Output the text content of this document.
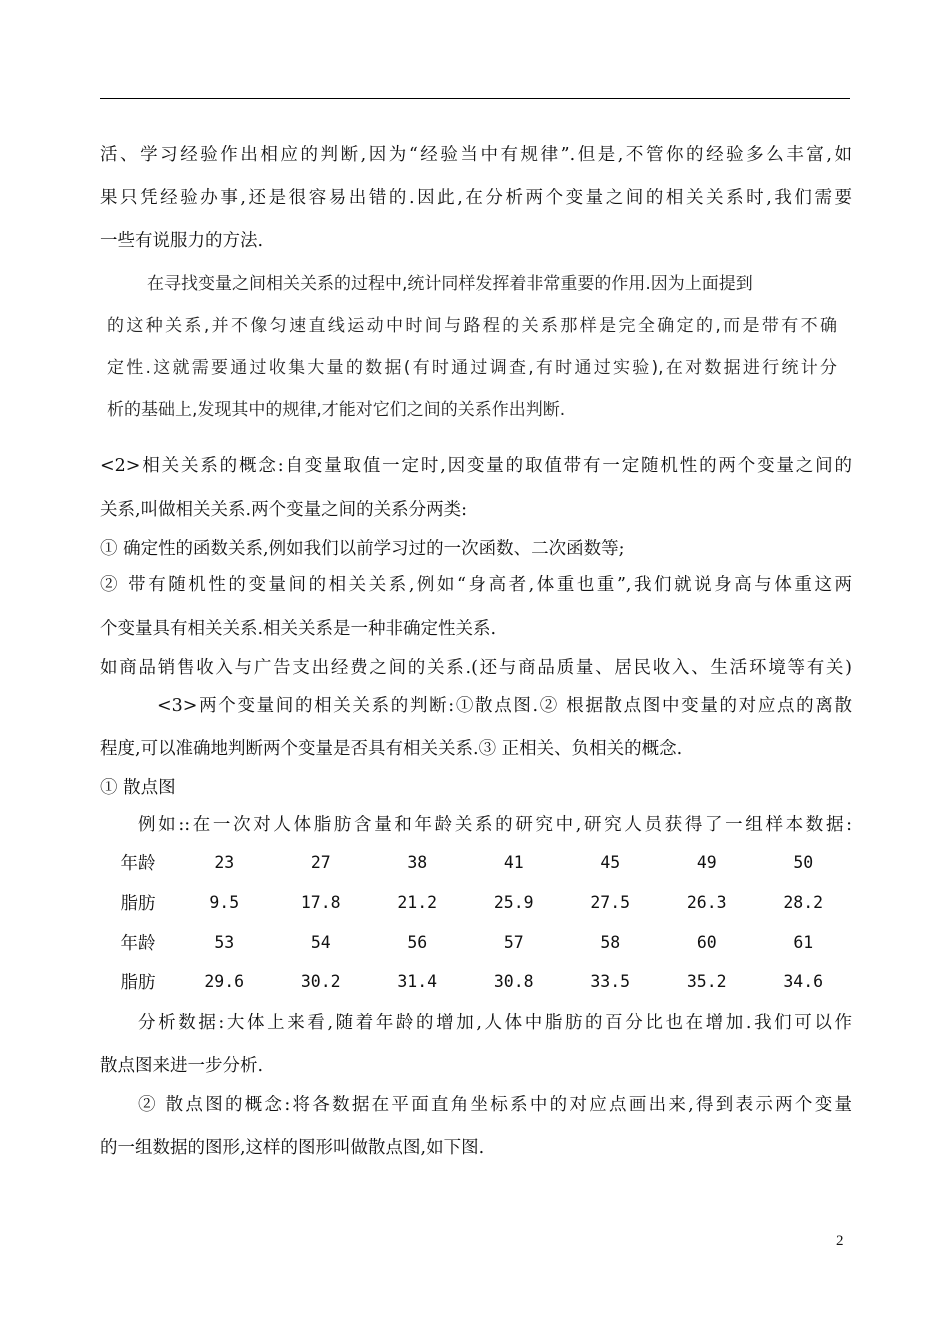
活、学习经验作出相应的判断,因为“经验当中有规律”.但是,不管你的经验多么丰富,如
果只凭经验办事,还是很容易出错的.因此,在分析两个变量之间的相关关系时,我们需要
一些有说服力的方法.
在寻找变量之间相关关系的过程中,统计同样发挥着非常重要的作用.因为上面提到
的这种关系,并不像匀速直线运动中时间与路程的关系那样是完全确定的,而是带有不确
定性.这就需要通过收集大量的数据(有时通过调查,有时通过实验),在对数据进行统计分
析的基础上,发现其中的规律,才能对它们之间的关系作出判断.
<2>相关关系的概念:自变量取值一定时,因变量的取值带有一定随机性的两个变量之间的
关系,叫做相关关系.两个变量之间的关系分两类:
① 确定性的函数关系,例如我们以前学习过的一次函数、二次函数等;
② 带有随机性的变量间的相关关系,例如“身高者,体重也重”,我们就说身高与体重这两
个变量具有相关关系.相关关系是一种非确定性关系.
如商品销售收入与广告支出经费之间的关系.(还与商品质量、居民收入、生活环境等有关)
<3>两个变量间的相关关系的判断:①散点图.② 根据散点图中变量的对应点的离散
程度,可以准确地判断两个变量是否具有相关关系.③ 正相关、负相关的概念.
① 散点图
例如::在一次对人体脂肪含量和年龄关系的研究中,研究人员获得了一组样本数据:
年龄	23	27	38	41	45	49	50
脂肪	9.5	17.8	21.2	25.9	27.5	26.3	28.2
年龄	53	54	56	57	58	60	61
脂肪	29.6	30.2	31.4	30.8	33.5	35.2	34.6
分析数据:大体上来看,随着年龄的增加,人体中脂肪的百分比也在增加.我们可以作
散点图来进一步分析.
② 散点图的概念:将各数据在平面直角坐标系中的对应点画出来,得到表示两个变量
的一组数据的图形,这样的图形叫做散点图,如下图.
2
